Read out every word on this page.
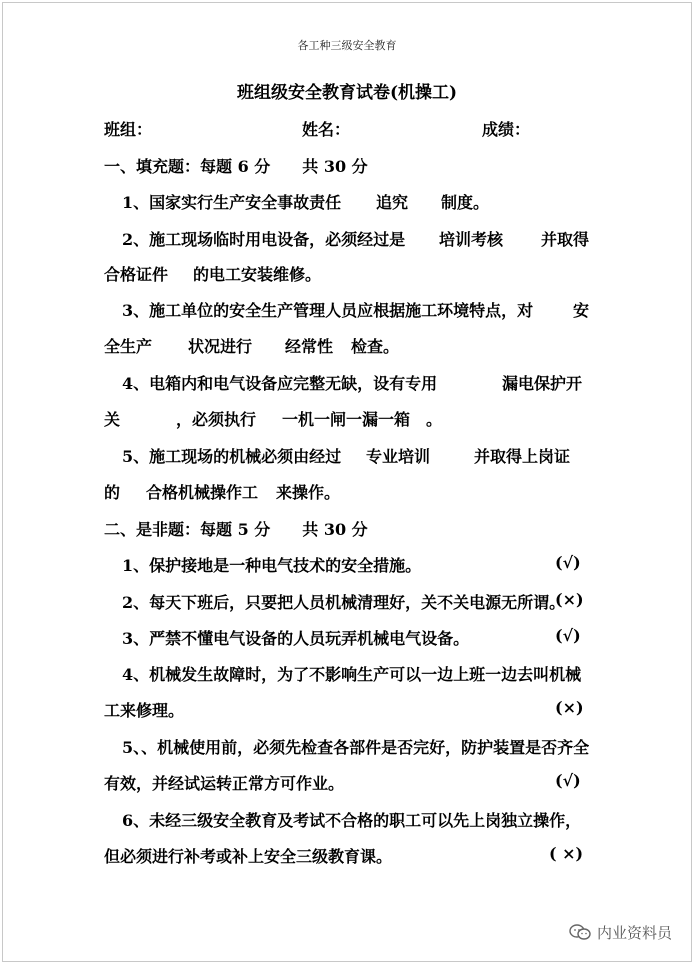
各工种三级安全教育
班组级安全教育试卷(机操工)
班组：	姓名：	成绩：
一、填充题：每题 6 分　　共 30 分
1、国家实行生产安全事故责任 追究 制度。
2、施工现场临时用电设备，必须经过是 培训考核 并取得
合格证件 的电工安装维修。
3、施工单位的安全生产管理人员应根据施工环境特点，对 安
全生产 状况进行 经常性 检查。
4、电箱内和电气设备应完整无缺，设有专用	漏电保护开
关	，必须执行 一机一闸一漏一箱 。
5、施工现场的机械必须由经过 专业培训	并取得上岗证
的 合格机械操作工 来操作。
二、是非题：每题 5 分　　共 30 分
1、保护接地是一种电气技术的安全措施。	(√)
2、每天下班后，只要把人员机械清理好，关不关电源无所谓。
(×)
3、严禁不懂电气设备的人员玩弄机械电气设备。	(√)
4、机械发生故障时，为了不影响生产可以一边上班一边去叫机械
工来修理。	(×)
5、、机械使用前，必须先检查各部件是否完好，防护装置是否齐全
有效，并经试运转正常方可作业。	(√)
6、未经三级安全教育及考试不合格的职工可以先上岗独立操作，
但必须进行补考或补上安全三级教育课。	( ×)
内业资料员
